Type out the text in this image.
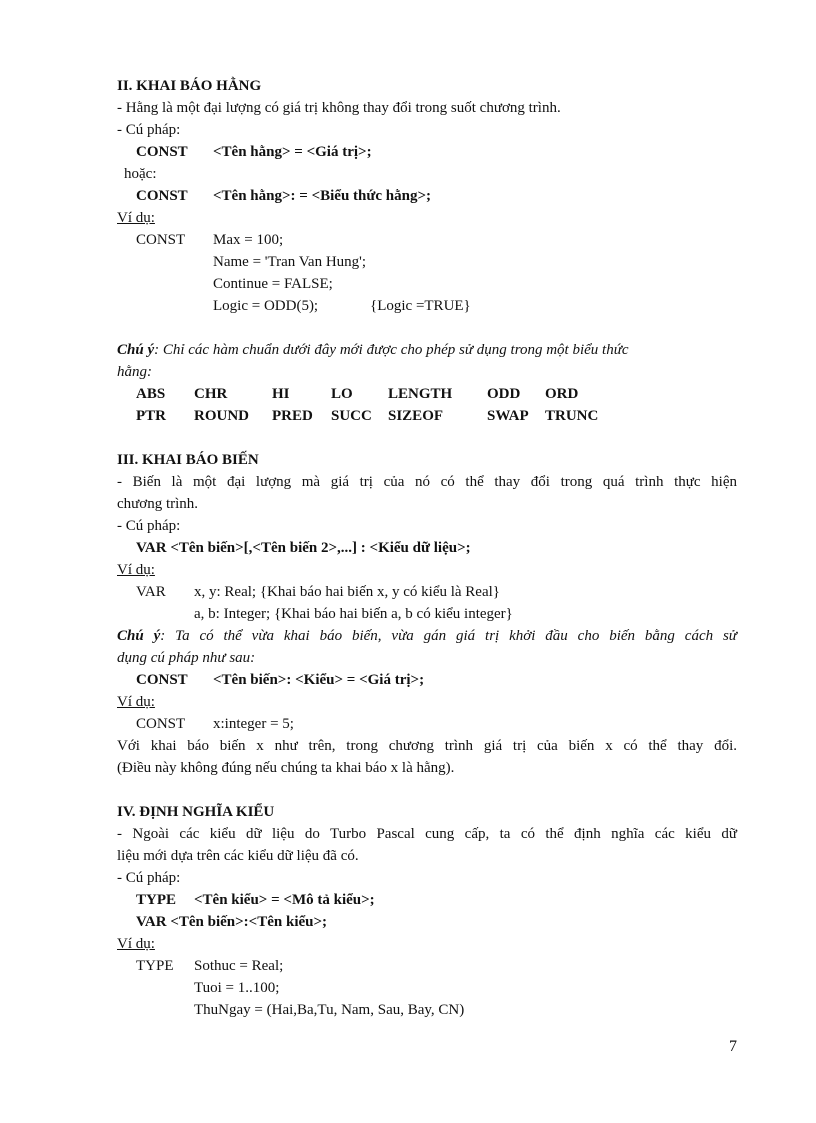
II. KHAI BÁO HẰNG
- Hằng là một đại lượng có giá trị không thay đổi trong suốt chương trình.
- Cú pháp:
CONST <Tên hằng> = <Giá trị>;
hoặc:
CONST <Tên hằng>: = <Biểu thức hằng>;
Ví dụ:
CONST Max = 100;
Name = 'Tran Van Hung';
Continue = FALSE;
Logic = ODD(5);	{Logic =TRUE}
Chú ý: Chỉ các hàm chuẩn dưới đây mới được cho phép sử dụng trong một biểu thức
hằng:
ABS CHR	HI	LO LENGTH ODD ORD
PTR ROUND PRED SUCC SIZEOF	SWAP TRUNC
III. KHAI BÁO BIẾN
- Biến là một đại lượng mà giá trị của nó có thể thay đổi trong quá trình thực hiện
chương trình.
- Cú pháp:
VAR <Tên biến>[,<Tên biến 2>,...] : <Kiểu dữ liệu>;
Ví dụ:
VAR x, y: Real; {Khai báo hai biến x, y có kiểu là Real}
a, b: Integer; {Khai báo hai biến a, b có kiểu integer}
Chú ý: Ta có thể vừa khai báo biến, vừa gán giá trị khởi đầu cho biến bằng cách sử
dụng cú pháp như sau:
CONST <Tên biến>: <Kiểu> = <Giá trị>;
Ví dụ:
CONST x:integer = 5;
Với khai báo biến x như trên, trong chương trình giá trị của biến x có thể thay đổi.
(Điều này không đúng nếu chúng ta khai báo x là hằng).
IV. ĐỊNH NGHĨA KIỂU
- Ngoài các kiểu dữ liệu do Turbo Pascal cung cấp, ta có thể định nghĩa các kiểu dữ
liệu mới dựa trên các kiểu dữ liệu đã có.
- Cú pháp:
TYPE <Tên kiểu> = <Mô tả kiểu>;
VAR <Tên biến>:<Tên kiểu>;
Ví dụ:
TYPE Sothuc = Real;
Tuoi = 1..100;
ThuNgay = (Hai,Ba,Tu, Nam, Sau, Bay, CN)
7
